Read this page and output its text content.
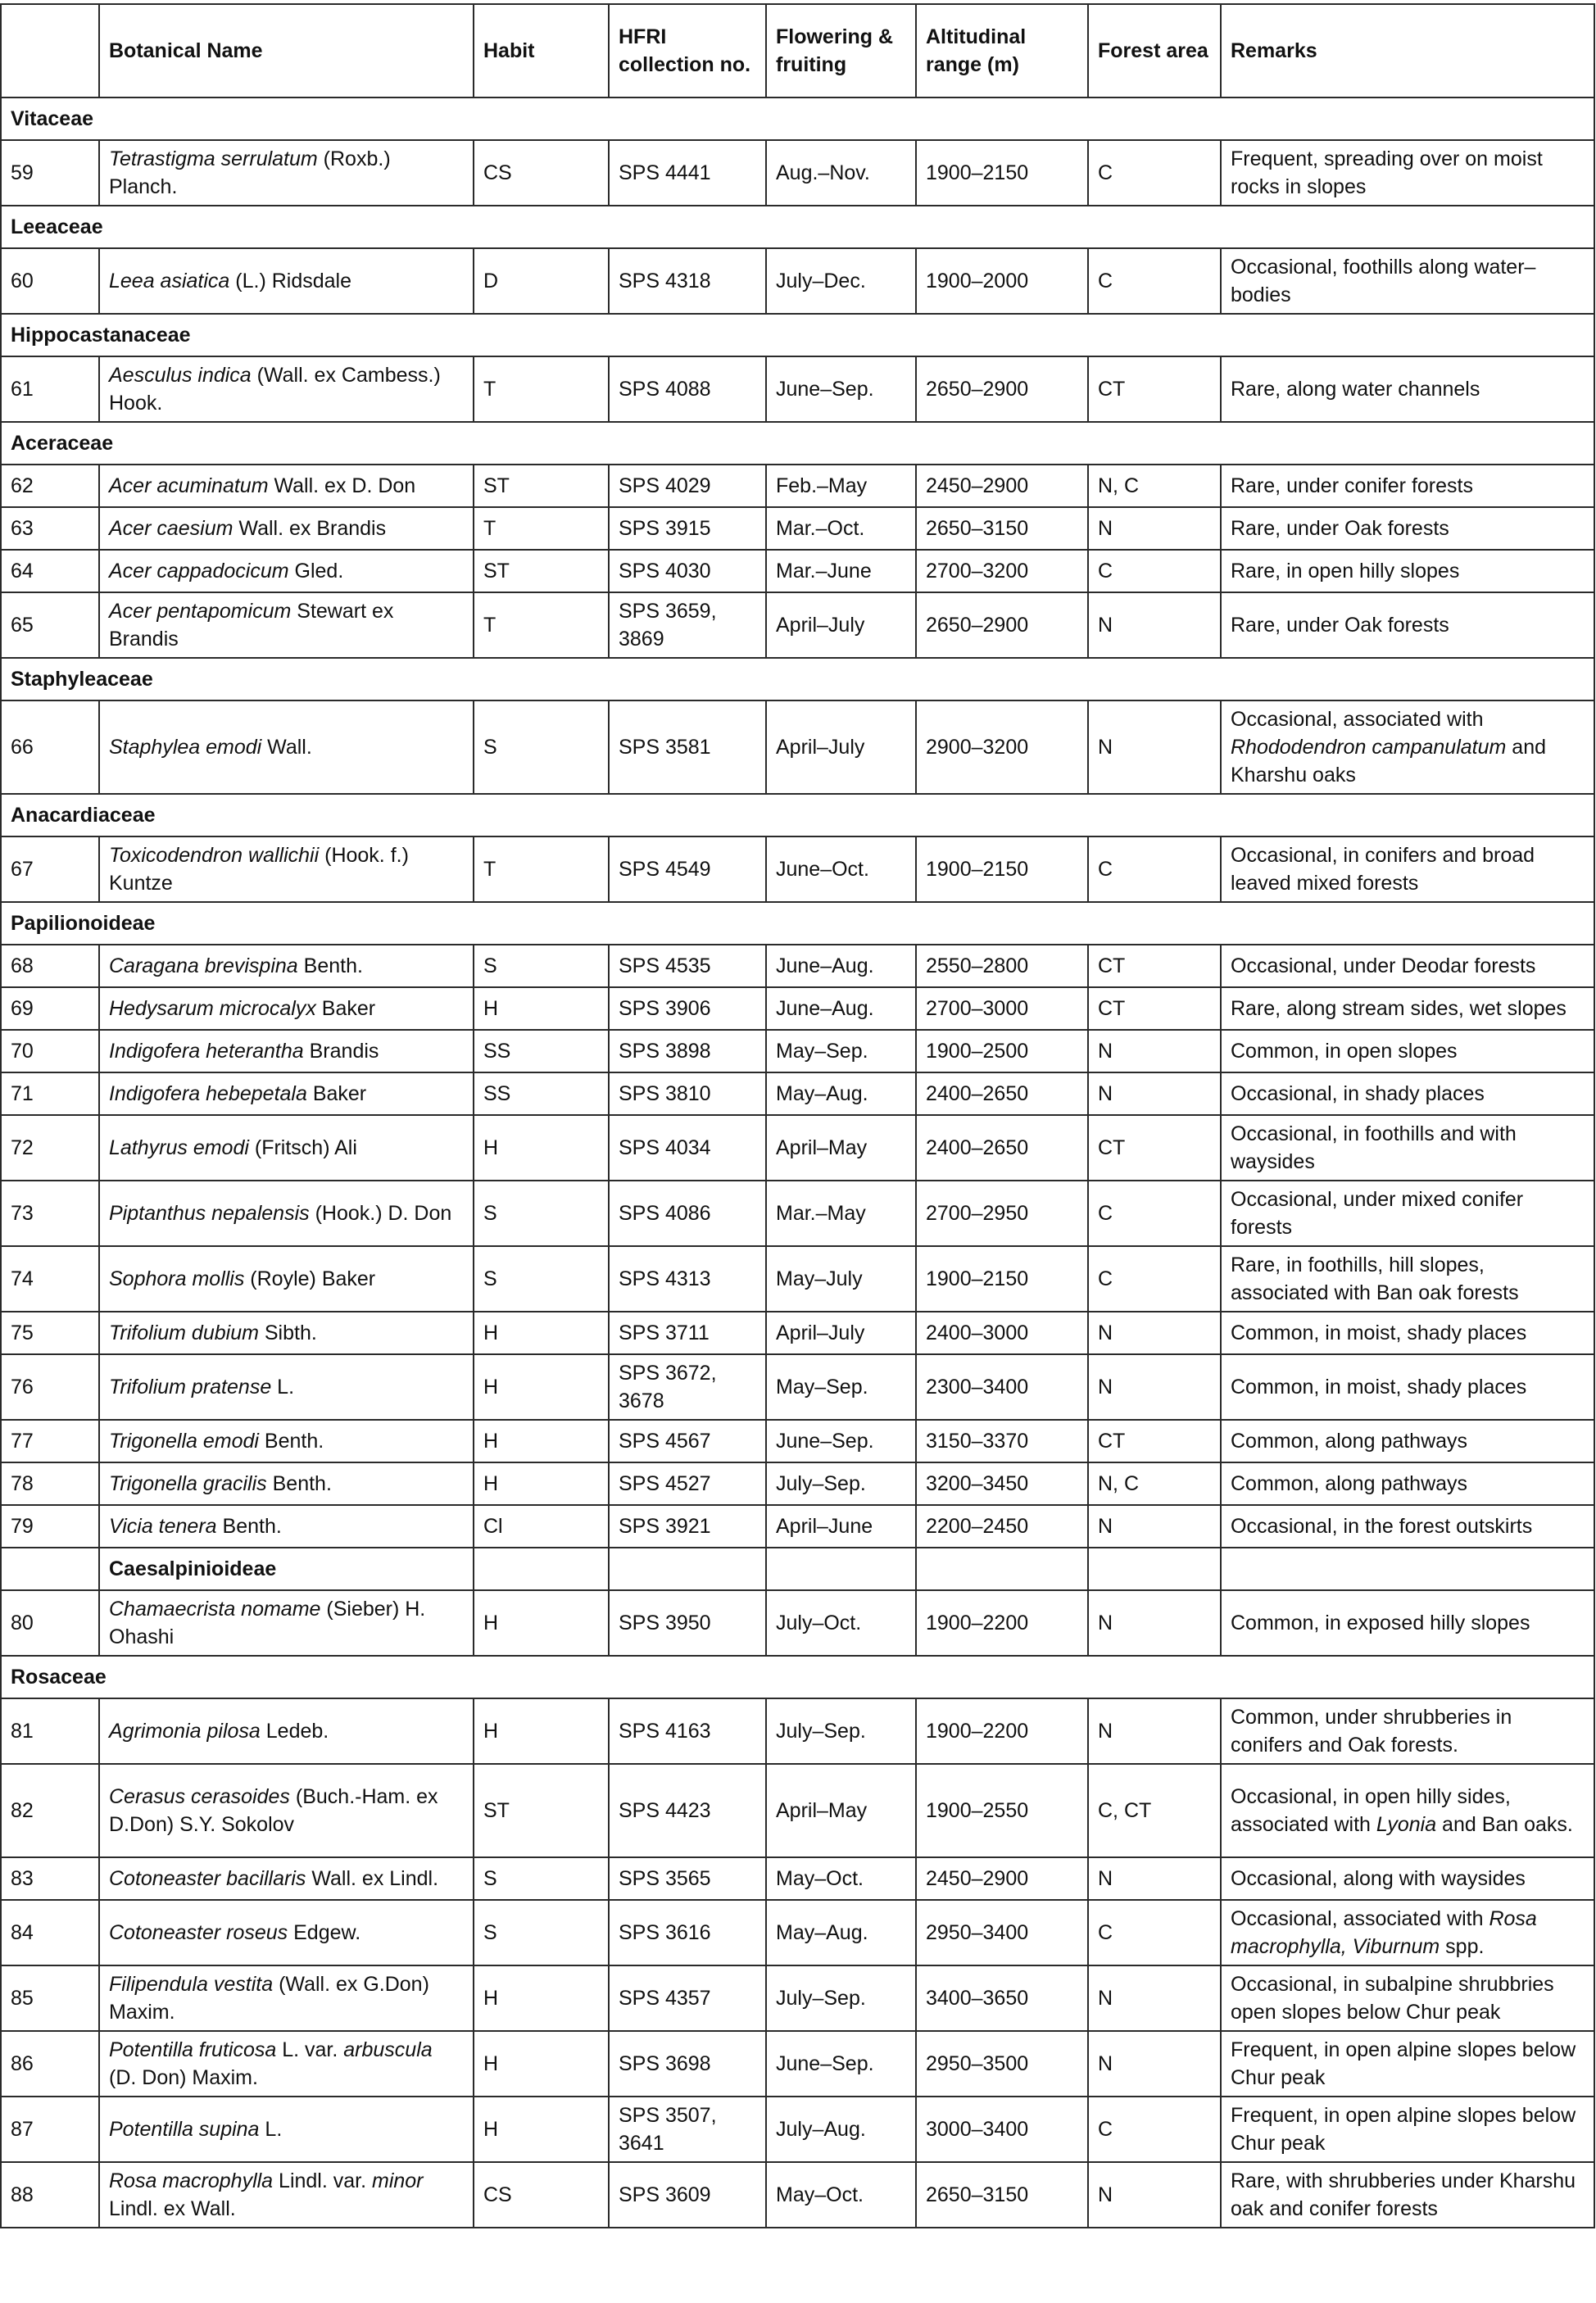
	Botanical Name	Habit	HFRI collection no.	Flowering & fruiting	Altitudinal range (m)	Forest area	Remarks
Vitaceae							
59	Tetrastigma serrulatum (Roxb.) Planch.	CS	SPS 4441	Aug.–Nov.	1900–2150	C	Frequent, spreading over on moist rocks in slopes
Leeaceae							
60	Leea asiatica (L.) Ridsdale	D	SPS 4318	July–Dec.	1900–2000	C	Occasional, foothills along water–bodies
Hippocastanaceae							
61	Aesculus indica (Wall. ex Cambess.) Hook.	T	SPS 4088	June–Sep.	2650–2900	CT	Rare, along water channels
Aceraceae							
62	Acer acuminatum Wall. ex D. Don	ST	SPS 4029	Feb.–May	2450–2900	N, C	Rare, under conifer forests
63	Acer caesium Wall. ex Brandis	T	SPS 3915	Mar.–Oct.	2650–3150	N	Rare, under Oak forests
64	Acer cappadocicum Gled.	ST	SPS 4030	Mar.–June	2700–3200	C	Rare, in open hilly slopes
65	Acer pentapomicum Stewart ex Brandis	T	SPS 3659, 3869	April–July	2650–2900	N	Rare, under Oak forests
Staphyleaceae							
66	Staphylea emodi Wall.	S	SPS 3581	April–July	2900–3200	N	Occasional, associated with Rhododendron campanulatum and Kharshu oaks
Anacardiaceae							
67	Toxicodendron wallichii (Hook. f.) Kuntze	T	SPS 4549	June–Oct.	1900–2150	C	Occasional, in conifers and broad leaved mixed forests
Papilionoideae							
68	Caragana brevispina Benth.	S	SPS 4535	June–Aug.	2550–2800	CT	Occasional, under Deodar forests
69	Hedysarum microcalyx Baker	H	SPS 3906	June–Aug.	2700–3000	CT	Rare, along stream sides, wet slopes
70	Indigofera heterantha Brandis	SS	SPS 3898	May–Sep.	1900–2500	N	Common, in open slopes
71	Indigofera hebepetala Baker	SS	SPS 3810	May–Aug.	2400–2650	N	Occasional, in shady places
72	Lathyrus emodi (Fritsch) Ali	H	SPS 4034	April–May	2400–2650	CT	Occasional, in foothills and with waysides
73	Piptanthus nepalensis (Hook.) D. Don	S	SPS 4086	Mar.–May	2700–2950	C	Occasional, under mixed conifer forests
74	Sophora mollis (Royle) Baker	S	SPS 4313	May–July	1900–2150	C	Rare, in foothills, hill slopes, associated with Ban oak forests
75	Trifolium dubium Sibth.	H	SPS 3711	April–July	2400–3000	N	Common, in moist, shady places
76	Trifolium pratense L.	H	SPS 3672, 3678	May–Sep.	2300–3400	N	Common, in moist, shady places
77	Trigonella emodi Benth.	H	SPS 4567	June–Sep.	3150–3370	CT	Common, along pathways
78	Trigonella gracilis Benth.	H	SPS 4527	July–Sep.	3200–3450	N, C	Common, along pathways
79	Vicia tenera Benth.	Cl	SPS 3921	April–June	2200–2450	N	Occasional, in the forest outskirts
	Caesalpinioideae						
80	Chamaecrista nomame (Sieber) H. Ohashi	H	SPS 3950	July–Oct.	1900–2200	N	Common, in exposed hilly slopes
Rosaceae							
81	Agrimonia pilosa Ledeb.	H	SPS 4163	July–Sep.	1900–2200	N	Common, under shrubberies in conifers and Oak forests.
82	Cerasus cerasoides (Buch.-Ham. ex D.Don) S.Y. Sokolov	ST	SPS 4423	April–May	1900–2550	C, CT	Occasional, in open hilly sides, associated with Lyonia and Ban oaks.
83	Cotoneaster bacillaris Wall. ex Lindl.	S	SPS 3565	May–Oct.	2450–2900	N	Occasional, along with waysides
84	Cotoneaster roseus Edgew.	S	SPS 3616	May–Aug.	2950–3400	C	Occasional, associated with Rosa macrophylla, Viburnum spp.
85	Filipendula vestita (Wall. ex G.Don) Maxim.	H	SPS 4357	July–Sep.	3400–3650	N	Occasional, in subalpine shrubbries open slopes below Chur peak
86	Potentilla fruticosa L. var. arbuscula (D. Don) Maxim.	H	SPS 3698	June–Sep.	2950–3500	N	Frequent, in open alpine slopes below Chur peak
87	Potentilla supina L.	H	SPS 3507, 3641	July–Aug.	3000–3400	C	Frequent, in open alpine slopes below Chur peak
88	Rosa macrophylla Lindl. var. minor Lindl. ex Wall.	CS	SPS 3609	May–Oct.	2650–3150	N	Rare, with shrubberies under Kharshu oak and conifer forests
